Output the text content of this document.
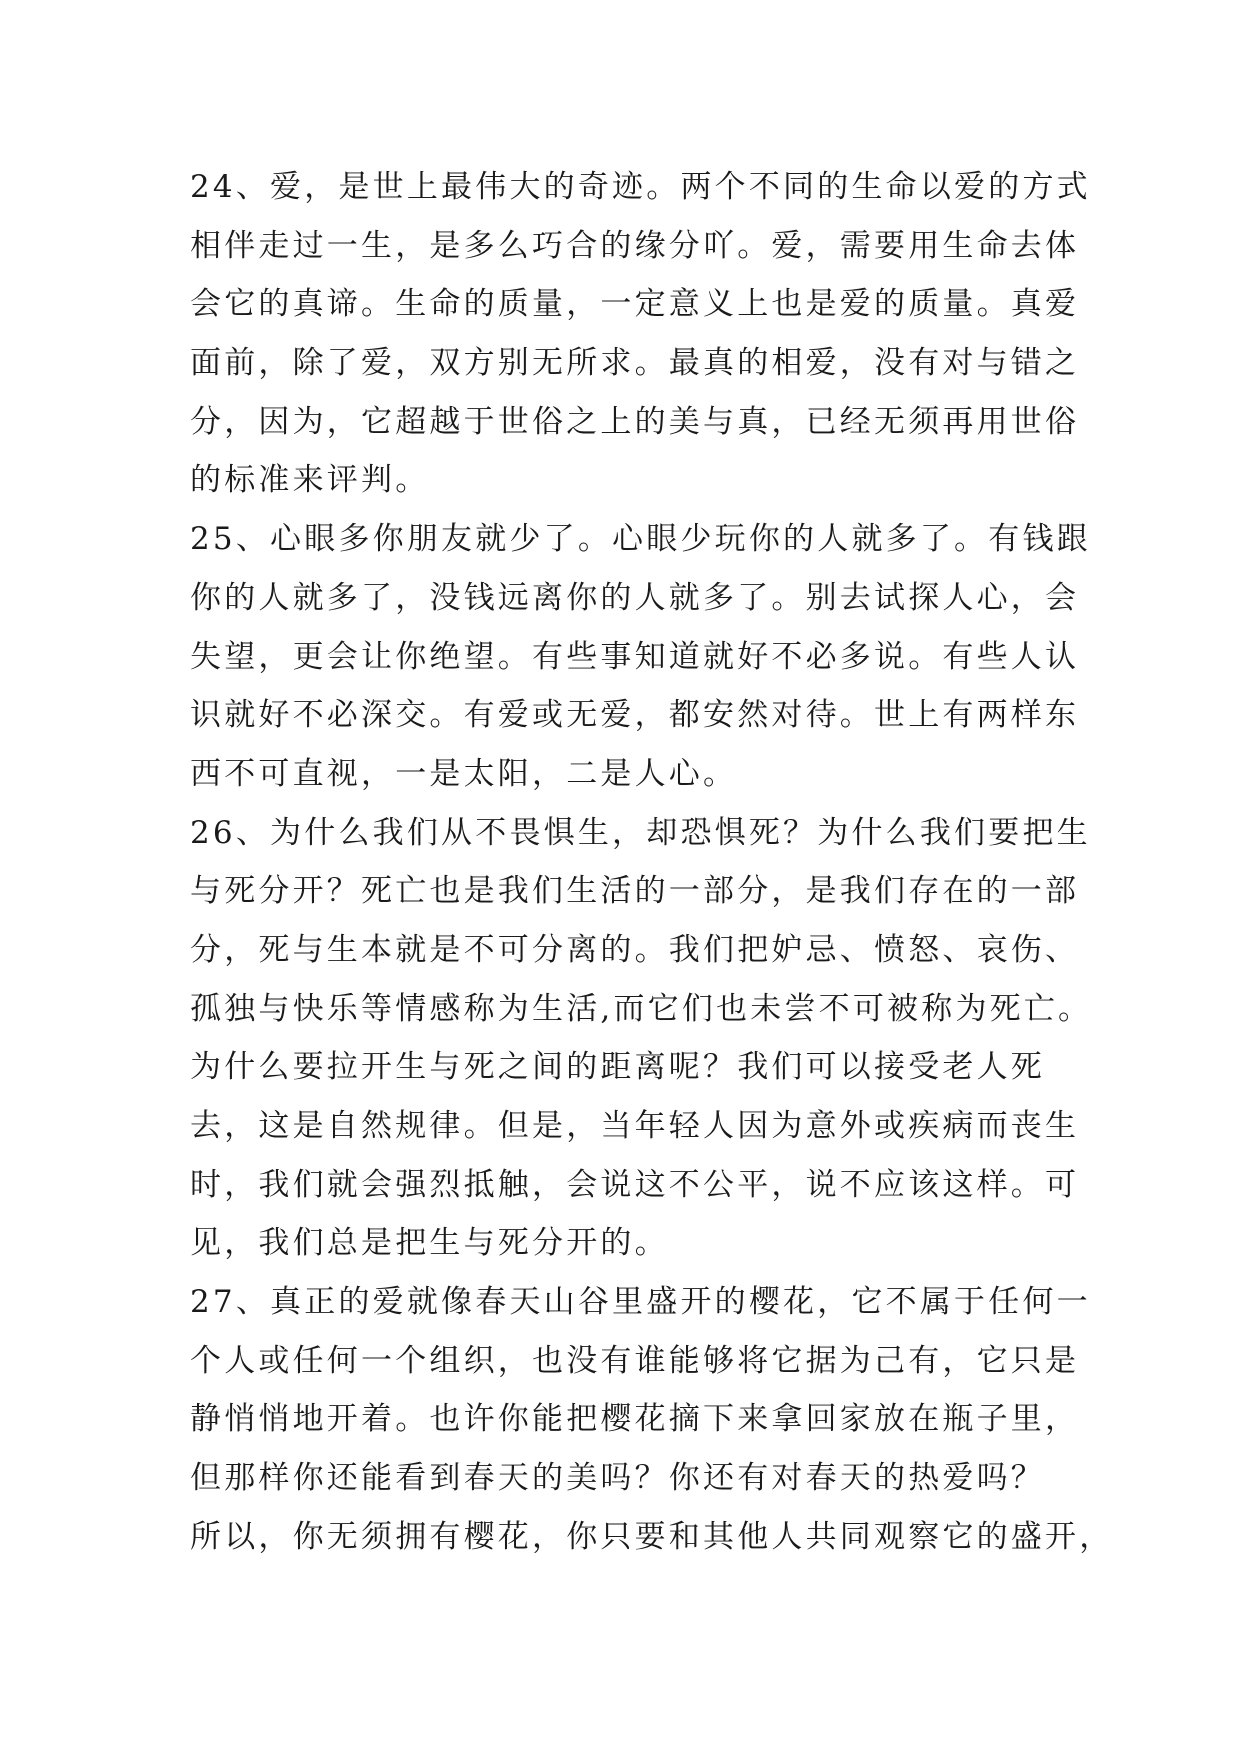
24、爱，是世上最伟大的奇迹。两个不同的生命以爱的方式
相伴走过一生，是多么巧合的缘分吖。爱，需要用生命去体
会它的真谛。生命的质量，一定意义上也是爱的质量。真爱
面前，除了爱，双方别无所求。最真的相爱，没有对与错之
分，因为，它超越于世俗之上的美与真，已经无须再用世俗
的标准来评判。
25、心眼多你朋友就少了。心眼少玩你的人就多了。有钱跟
你的人就多了，没钱远离你的人就多了。别去试探人心，会
失望，更会让你绝望。有些事知道就好不必多说。有些人认
识就好不必深交。有爱或无爱，都安然对待。世上有两样东
西不可直视，一是太阳，二是人心。
26、为什么我们从不畏惧生，却恐惧死？为什么我们要把生
与死分开？死亡也是我们生活的一部分，是我们存在的一部
分，死与生本就是不可分离的。我们把妒忌、愤怒、哀伤、
孤独与快乐等情感称为生活,而它们也未尝不可被称为死亡。
为什么要拉开生与死之间的距离呢？我们可以接受老人死
去，这是自然规律。但是，当年轻人因为意外或疾病而丧生
时，我们就会强烈抵触，会说这不公平，说不应该这样。可
见，我们总是把生与死分开的。
27、真正的爱就像春天山谷里盛开的樱花，它不属于任何一
个人或任何一个组织，也没有谁能够将它据为己有，它只是
静悄悄地开着。也许你能把樱花摘下来拿回家放在瓶子里，
但那样你还能看到春天的美吗？你还有对春天的热爱吗？
所以，你无须拥有樱花，你只要和其他人共同观察它的盛开，
